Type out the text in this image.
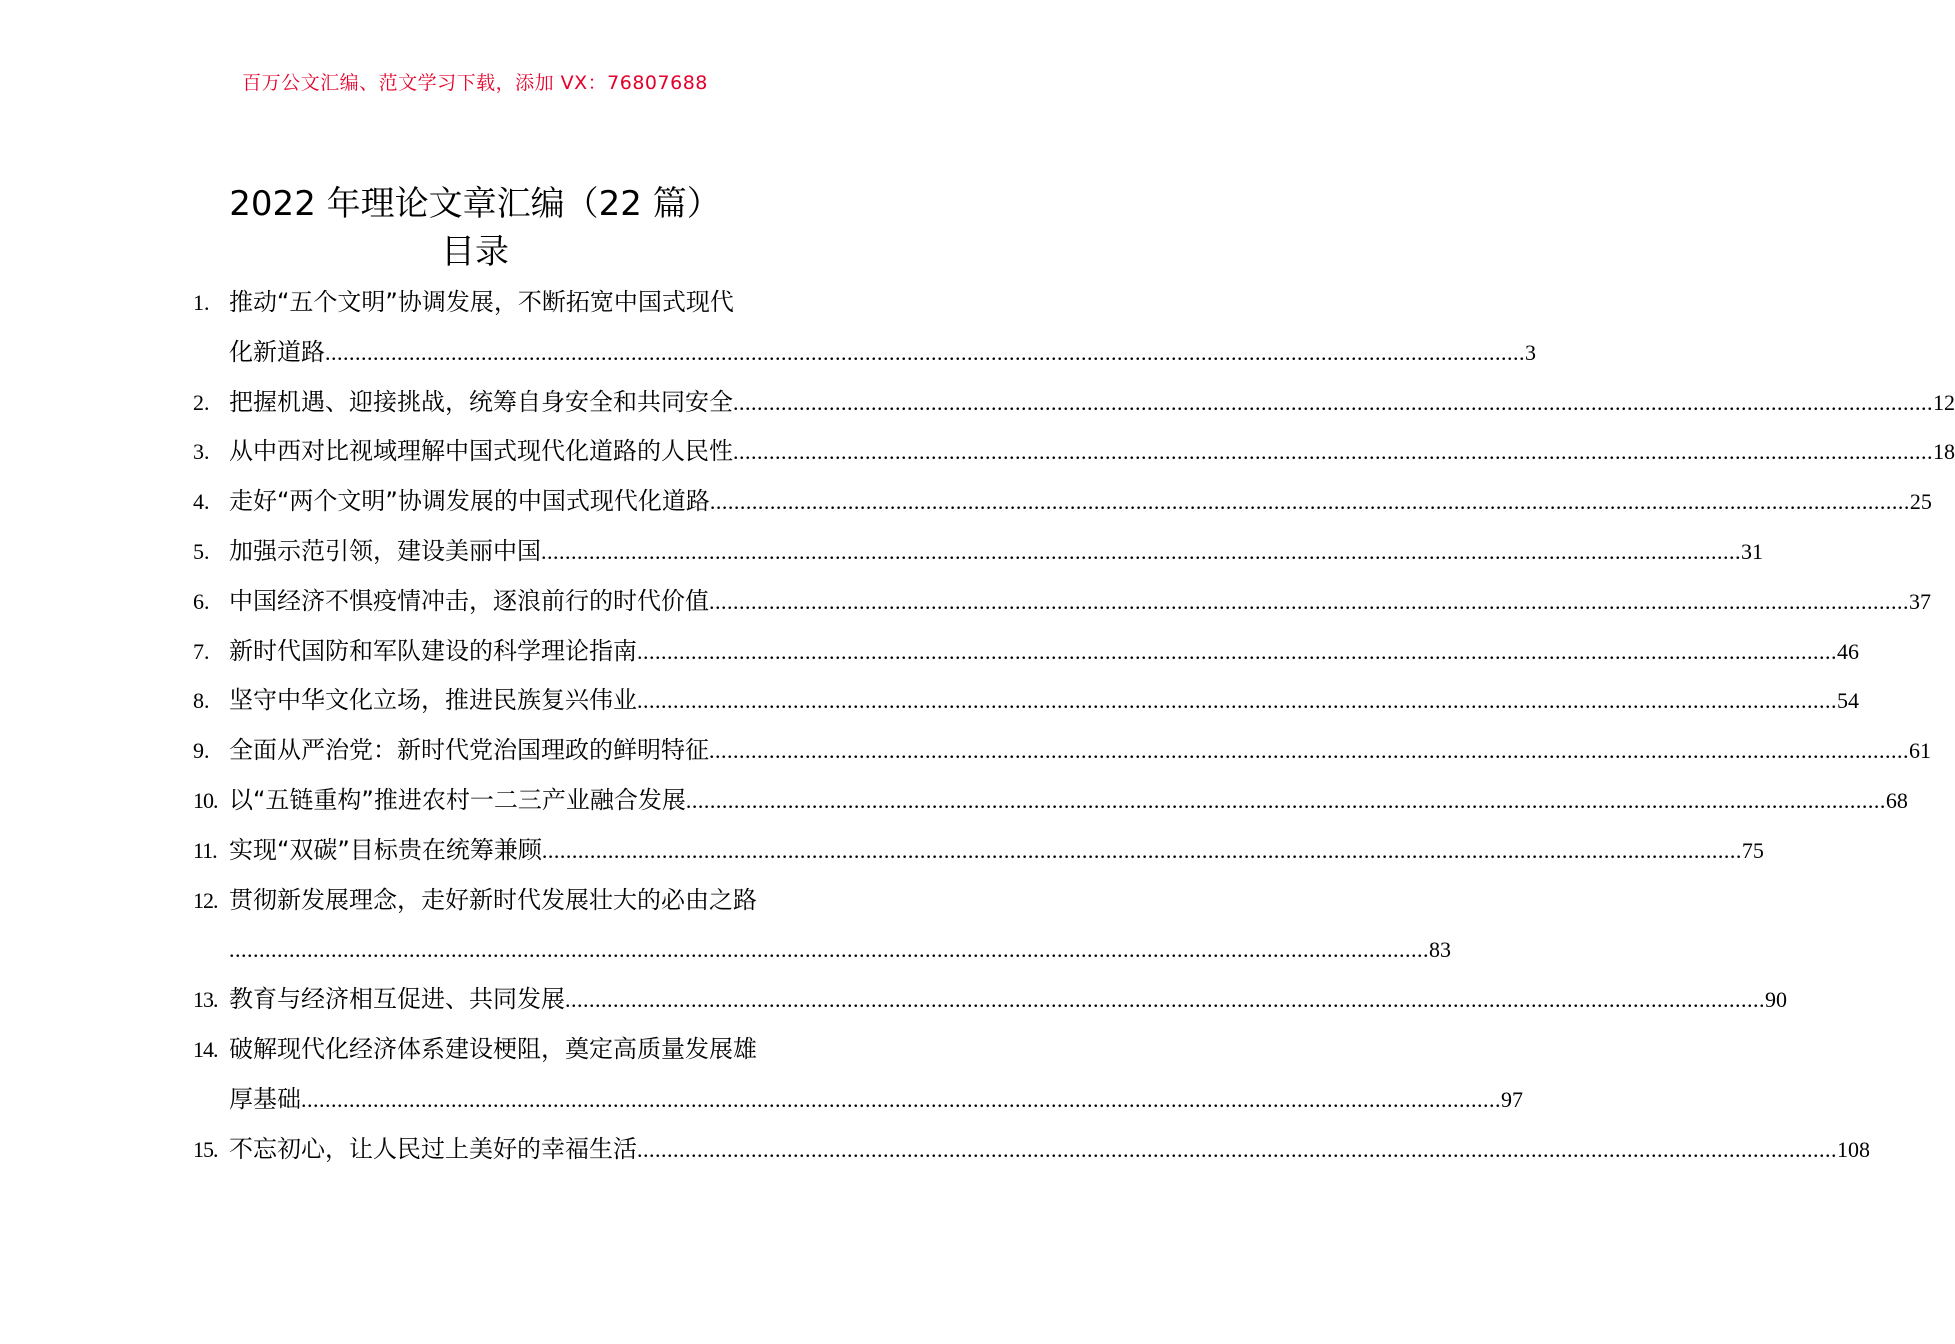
百万公文汇编、范文学习下载，添加 VX：76807688
2022 年理论文章汇编（22 篇）
目录
1. 推动“五个文明”协调发展，不断拓宽中国式现代
化新道路 ........................................................................................................................................................................................................ 3
2. 把握机遇、迎接挑战，统筹自身安全和共同安全 ........................................................................................................................................................................................................ 12
3. 从中西对比视域理解中国式现代化道路的人民性 ........................................................................................................................................................................................................ 18
4. 走好“两个文明”协调发展的中国式现代化道路 ........................................................................................................................................................................................................ 25
5. 加强示范引领，建设美丽中国 ........................................................................................................................................................................................................ 31
6. 中国经济不惧疫情冲击，逐浪前行的时代价值 ........................................................................................................................................................................................................ 37
7. 新时代国防和军队建设的科学理论指南 ........................................................................................................................................................................................................ 46
8. 坚守中华文化立场，推进民族复兴伟业 ........................................................................................................................................................................................................ 54
9. 全面从严治党：新时代党治国理政的鲜明特征 ........................................................................................................................................................................................................ 61
10. 以“五链重构”推进农村一二三产业融合发展 ........................................................................................................................................................................................................ 68
11. 实现“双碳”目标贵在统筹兼顾 ........................................................................................................................................................................................................ 75
12. 贯彻新发展理念，走好新时代发展壮大的必由之路
........................................................................................................................................................................................................ 83
13. 教育与经济相互促进、共同发展 ........................................................................................................................................................................................................ 90
14. 破解现代化经济体系建设梗阻，奠定高质量发展雄
厚基础 ........................................................................................................................................................................................................ 97
15. 不忘初心，让人民过上美好的幸福生活 ........................................................................................................................................................................................................ 108
